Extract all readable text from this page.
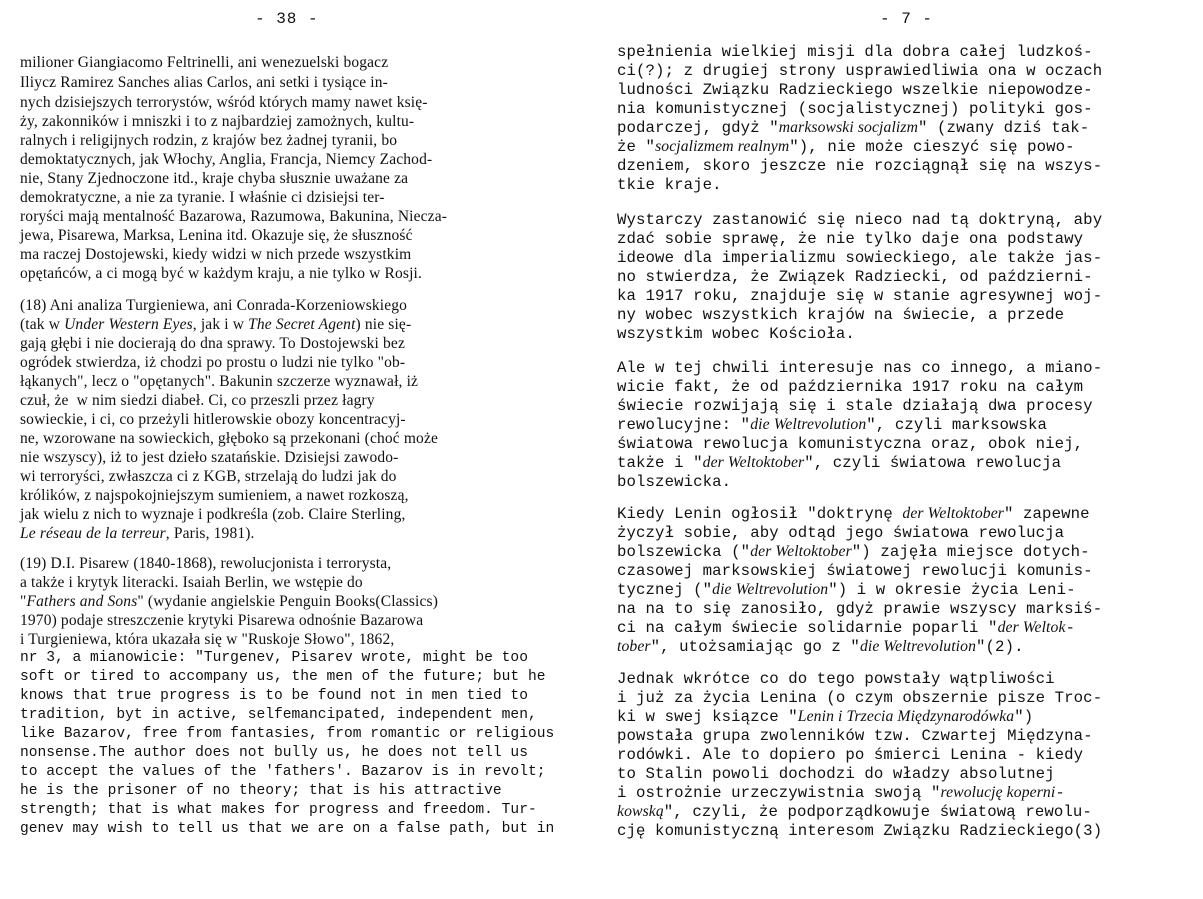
- 38 -
milioner Giangiacomo Feltrinelli, ani wenezuelski bogacz
Iliycz Ramirez Sanches alias Carlos, ani setki i tysiące in-
nych dzisiejszych terrorystów, wśród których mamy nawet księ-
ży, zakonników i mniszki i to z najbardziej zamożnych, kultu-
ralnych i religijnych rodzin, z krajów bez żadnej tyranii, bo
demoktatycznych, jak Włochy, Anglia, Francja, Niemcy Zachod-
nie, Stany Zjednoczone itd., kraje chyba słusznie uważane za
demokratyczne, a nie za tyranie. I właśnie ci dzisiejsi ter-
roryści mają mentalność Bazarowa, Razumowa, Bakunina, Niecza-
jewa, Pisarewa, Marksa, Lenina itd. Okazuje się, że słuszność
ma raczej Dostojewski, kiedy widzi w nich przede wszystkim
opętańców, a ci mogą być w każdym kraju, a nie tylko w Rosji.
(18) Ani analiza Turgieniewa, ani Conrada-Korzeniowskiego
(tak w Under Western Eyes, jak i w The Secret Agent) nie się-
gają głębi i nie docierają do dna sprawy. To Dostojewski bez
ogródek stwierdza, iż chodzi po prostu o ludzi nie tylko "ob-
łąkanych", lecz o "opętanych". Bakunin szczerze wyznawał, iż
czuł, że  w nim siedzi diabeł. Ci, co przeszli przez łagry
sowieckie, i ci, co przeżyli hitlerowskie obozy koncentracyj-
ne, wzorowane na sowieckich, głęboko są przekonani (choć może
nie wszyscy), iż to jest dzieło szatańskie. Dzisiejsi zawodo-
wi terroryści, zwłaszcza ci z KGB, strzelają do ludzi jak do
królików, z najspokojniejszym sumieniem, a nawet rozkoszą,
jak wielu z nich to wyznaje i podkreśla (zob. Claire Sterling,
Le réseau de la terreur, Paris, 1981).
(19) D.I. Pisarew (1840-1868), rewolucjonista i terrorysta,
a także i krytyk literacki. Isaiah Berlin, we wstępie do
"Fathers and Sons" (wydanie angielskie Penguin Books(Classics)
1970) podaje streszczenie krytyki Pisarewa odnośnie Bazarowa
i Turgieniewa, która ukazała się w "Ruskoje Słowo", 1862,
nr 3, a mianowicie: "Turgenev, Pisarev wrote, might be too
soft or tired to accompany us, the men of the future; but he
knows that true progress is to be found not in men tied to
tradition, byt in active, selfemancipated, independent men,
like Bazarov, free from fantasies, from romantic or religious
nonsense.The author does not bully us, he does not tell us
to accept the values of the 'fathers'. Bazarov is in revolt;
he is the prisoner of no theory; that is his attractive
strength; that is what makes for progress and freedom. Tur-
genev may wish to tell us that we are on a false path, but in
- 7 -
spełnienia wielkiej misji dla dobra całej ludzkoś-
ci(?); z drugiej strony usprawiedliwia ona w oczach
ludności Związku Radzieckiego wszelkie niepowodze-
nia komunistycznej (socjalistycznej) polityki gos-
podarczej, gdyż "marksowski socjalizm" (zwany dziś tak-
że "socjalizmem realnym"), nie może cieszyć się powo-
dzeniem, skoro jeszcze nie rozciągnął się na wszys-
tkie kraje.
Wystarczy zastanowić się nieco nad tą doktryną, aby
zdać sobie sprawę, że nie tylko daje ona podstawy
ideowe dla imperializmu sowieckiego, ale także jas-
no stwierdza, że Związek Radziecki, od październi-
ka 1917 roku, znajduje się w stanie agresywnej woj-
ny wobec wszystkich krajów na świecie, a przede
wszystkim wobec Kościoła.
Ale w tej chwili interesuje nas co innego, a miano-
wicie fakt, że od października 1917 roku na całym
świecie rozwijają się i stale działają dwa procesy
rewolucyjne: "die Weltrevolution", czyli marksowska
światowa rewolucja komunistyczna oraz, obok niej,
także i "der Weltoktober", czyli światowa rewolucja
bolszewicka.
Kiedy Lenin ogłosił "doktrynę der Weltoktober" zapewne
życzył sobie, aby odtąd jego światowa rewolucja
bolszewicka ("der Weltoktober") zajęła miejsce dotych-
czasowej marksowskiej światowej rewolucji komunis-
tycznej ("die Weltrevolution") i w okresie życia Leni-
na na to się zanosiło, gdyż prawie wszyscy marksiś-
ci na całym świecie solidarnie poparli "der Weltok-
tober", utożsamiając go z "die Weltrevolution"(2).
Jednak wkrótce co do tego powstały wątpliwości
i już za życia Lenina (o czym obszernie pisze Troc-
ki w swej ksiązce "Lenin i Trzecia Międzynarodówka")
powstała grupa zwolenników tzw. Czwartej Międzyna-
rodówki. Ale to dopiero po śmierci Lenina - kiedy
to Stalin powoli dochodzi do władzy absolutnej
i ostrożnie urzeczywistnia swoją "rewolucję koperni-
kowską", czyli, że podporządkowuje światową rewolu-
cję komunistyczną interesom Związku Radzieckiego(3)
